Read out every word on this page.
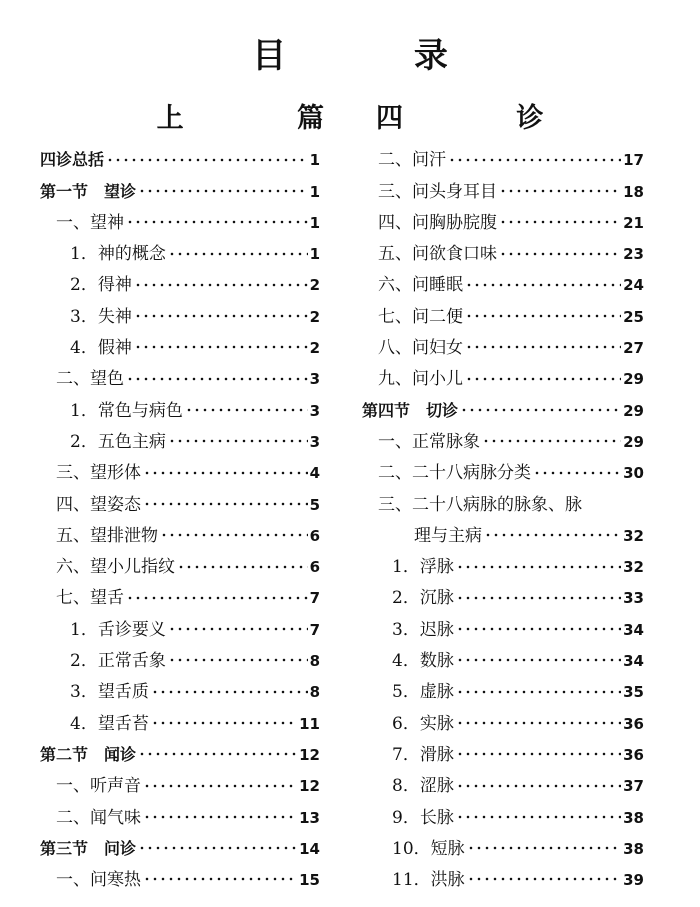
目 录
上 篇四 诊
四诊总括	1
第一节　望诊	1
一、望神	1
1．神的概念	1
2．得神	2
3．失神	2
4．假神	2
二、望色	3
1．常色与病色	3
2．五色主病	3
三、望形体	4
四、望姿态	5
五、望排泄物	6
六、望小儿指纹	6
七、望舌	7
1．舌诊要义	7
2．正常舌象	8
3．望舌质	8
4．望舌苔	11
第二节　闻诊	12
一、听声音	12
二、闻气味	13
第三节　问诊	14
一、问寒热	15
二、问汗	17
三、问头身耳目	18
四、问胸胁脘腹	21
五、问欲食口味	23
六、问睡眠	24
七、问二便	25
八、问妇女	27
九、问小儿	29
第四节　切诊	29
一、正常脉象	29
二、二十八病脉分类	30
三、二十八病脉的脉象、脉
理与主病	32
1．浮脉	32
2．沉脉	33
3．迟脉	34
4．数脉	34
5．虚脉	35
6．实脉	36
7．滑脉	36
8．涩脉	37
9．长脉	38
10．短脉	38
11．洪脉	39
